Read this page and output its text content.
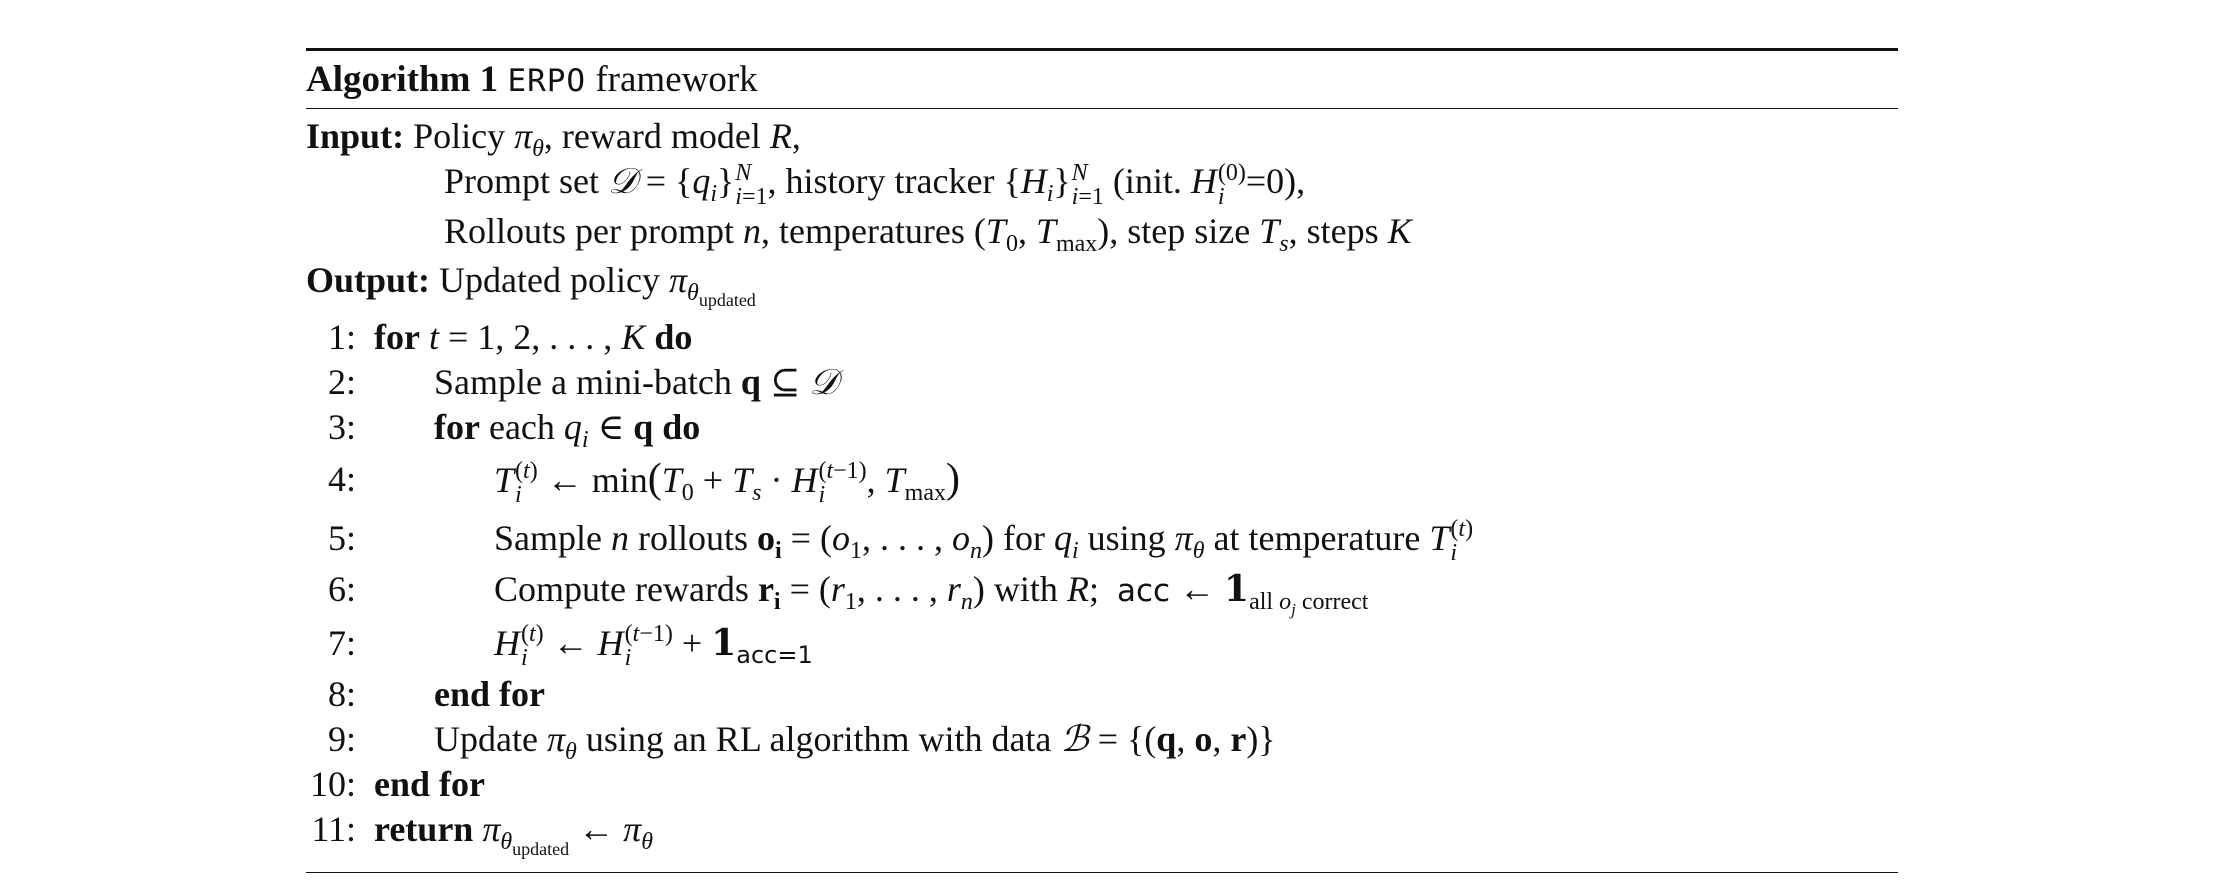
Algorithm 1 ERPO framework
Input: Policy $\pi_\theta$, reward model R,
Prompt set 𝒟 = $\{q_i\}$ N
i=1 , history tracker $\{H_i\}$ N
i=1 (init. H (0)
i =0),
Rollouts per prompt n, temperatures ($T_0$, $T_{max}$), step size $T_s$, steps K
Output: Updated policy $\pi_{\theta_{updated}}$
1: for t = 1, 2, . . . , K do
2: Sample a mini-batch q ⊆ 𝒟
3: for each $q_i$ ∈ q do
4:	T (t)
i ← $\min(T_0 + T_s \cdot H$ (t−1)
i	, $T_{max}$)
5:	Sample n rollouts $o_i = (o_1$, . . . , $o_n$) for $q_i$ using $\pi_\theta$ at temperature T (t)
i
6:	Compute rewards $r_i = (r_1$, . . . , $r_n$) with R;  acc ← $1_{all o_j correct}$
7:	H (t)
i ← H (t−1)
i	+ $1_{acc=1}$
8: end for
9: Update $\pi_\theta$ using an RL algorithm with data ℬ = {(q, o, r)}
10: end for
11: return $\pi_{\theta_{updated}}$ ← $\pi_\theta$
